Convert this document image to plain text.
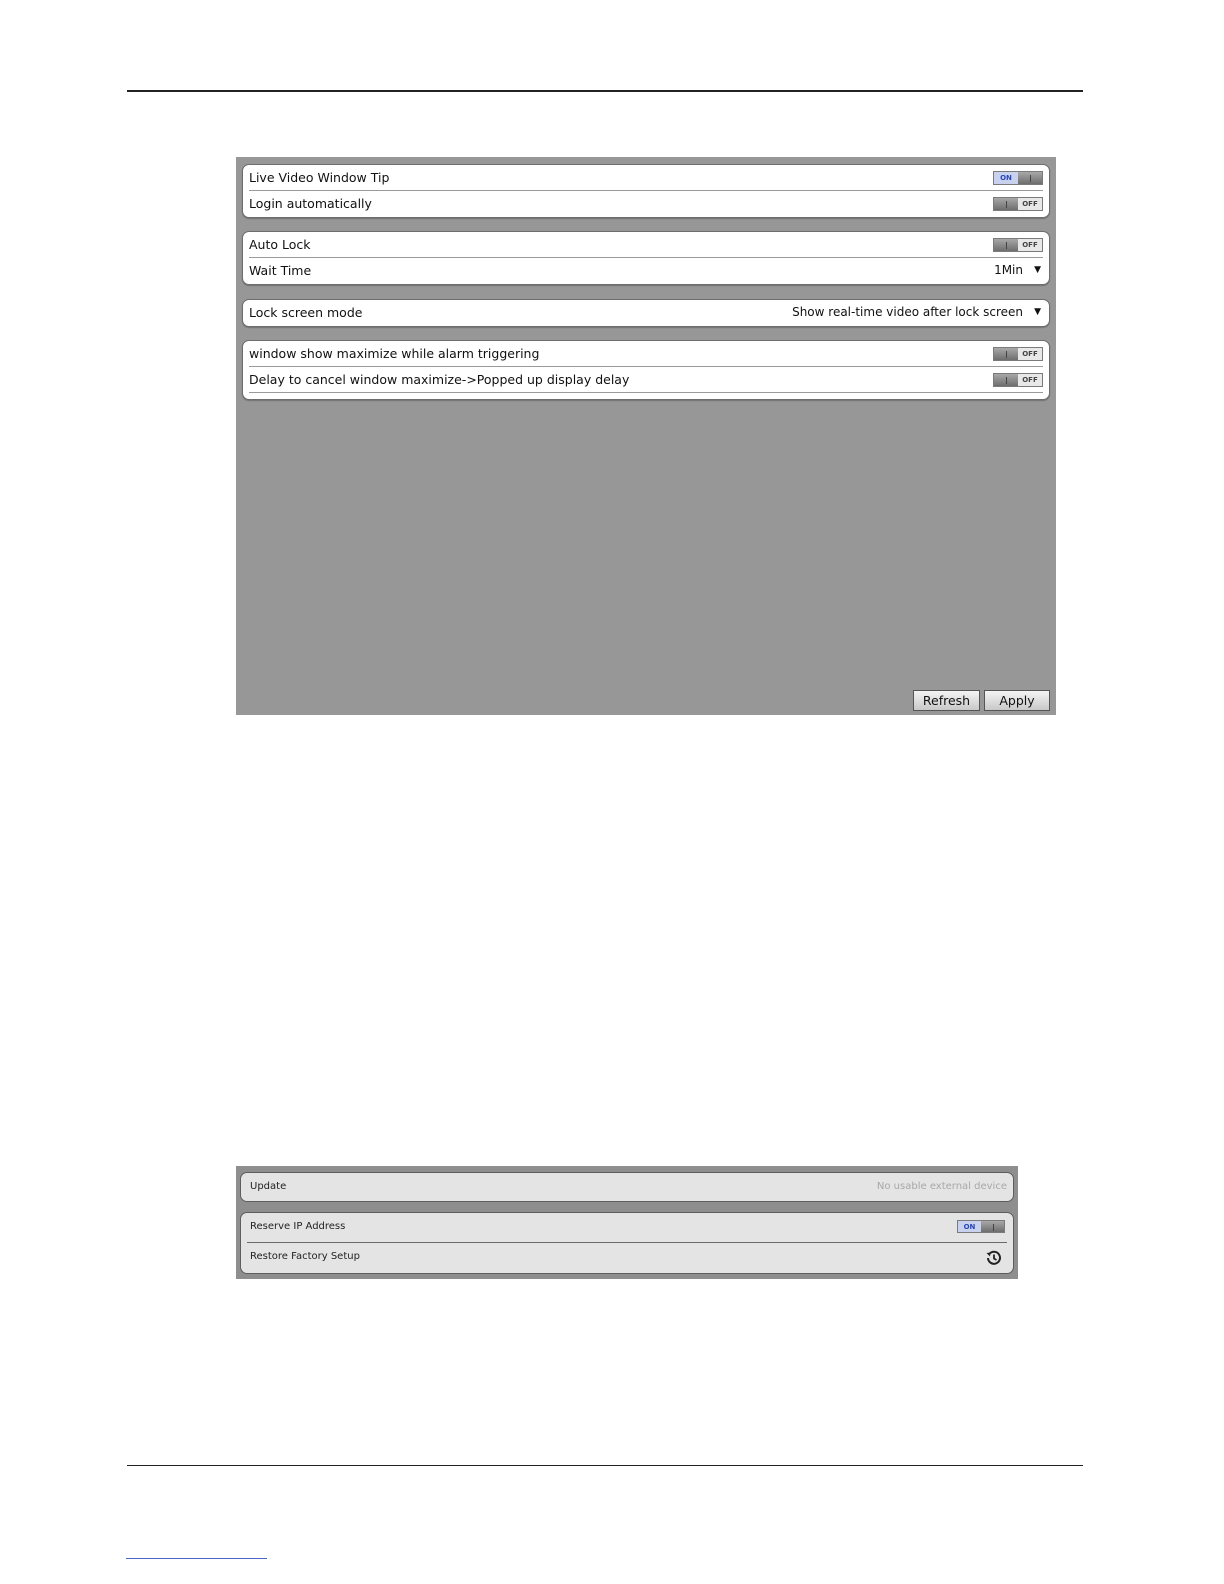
Live Video Window Tip	ON
Login automatically	OFF
Auto Lock	OFF
Wait Time	1Min ▼
Lock screen mode	Show real-time video after lock screen ▼
window show maximize while alarm triggering	OFF
Delay to cancel window maximize->Popped up display delay	OFF
Refresh	Apply
Update	No usable external device
Reserve IP Address	ON
Restore Factory Setup
